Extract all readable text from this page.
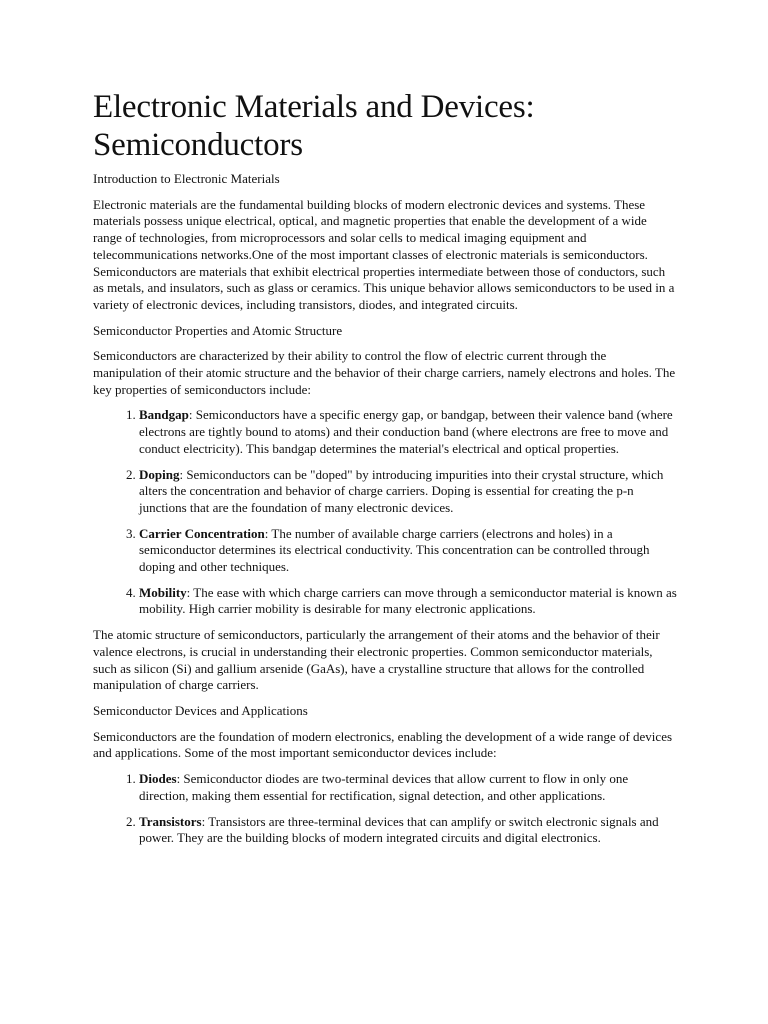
Electronic Materials and Devices: Semiconductors
Introduction to Electronic Materials

Electronic materials are the fundamental building blocks of modern electronic devices and systems. These materials possess unique electrical, optical, and magnetic properties that enable the development of a wide range of technologies, from microprocessors and solar cells to medical imaging equipment and telecommunications networks.One of the most important classes of electronic materials is semiconductors. Semiconductors are materials that exhibit electrical properties intermediate between those of conductors, such as metals, and insulators, such as glass or ceramics. This unique behavior allows semiconductors to be used in a variety of electronic devices, including transistors, diodes, and integrated circuits.

Semiconductor Properties and Atomic Structure

Semiconductors are characterized by their ability to control the flow of electric current through the manipulation of their atomic structure and the behavior of their charge carriers, namely electrons and holes. The key properties of semiconductors include:

1. Bandgap: Semiconductors have a specific energy gap, or bandgap, between their valence band (where electrons are tightly bound to atoms) and their conduction band (where electrons are free to move and conduct electricity). This bandgap determines the material's electrical and optical properties.
2. Doping: Semiconductors can be "doped" by introducing impurities into their crystal structure, which alters the concentration and behavior of charge carriers. Doping is essential for creating the p-n junctions that are the foundation of many electronic devices.
3. Carrier Concentration: The number of available charge carriers (electrons and holes) in a semiconductor determines its electrical conductivity. This concentration can be controlled through doping and other techniques.
4. Mobility: The ease with which charge carriers can move through a semiconductor material is known as mobility. High carrier mobility is desirable for many electronic applications.

The atomic structure of semiconductors, particularly the arrangement of their atoms and the behavior of their valence electrons, is crucial in understanding their electronic properties. Common semiconductor materials, such as silicon (Si) and gallium arsenide (GaAs), have a crystalline structure that allows for the controlled manipulation of charge carriers.

Semiconductor Devices and Applications

Semiconductors are the foundation of modern electronics, enabling the development of a wide range of devices and applications. Some of the most important semiconductor devices include:

1. Diodes: Semiconductor diodes are two-terminal devices that allow current to flow in only one direction, making them essential for rectification, signal detection, and other applications.
2. Transistors: Transistors are three-terminal devices that can amplify or switch electronic signals and power. They are the building blocks of modern integrated circuits and digital electronics.
